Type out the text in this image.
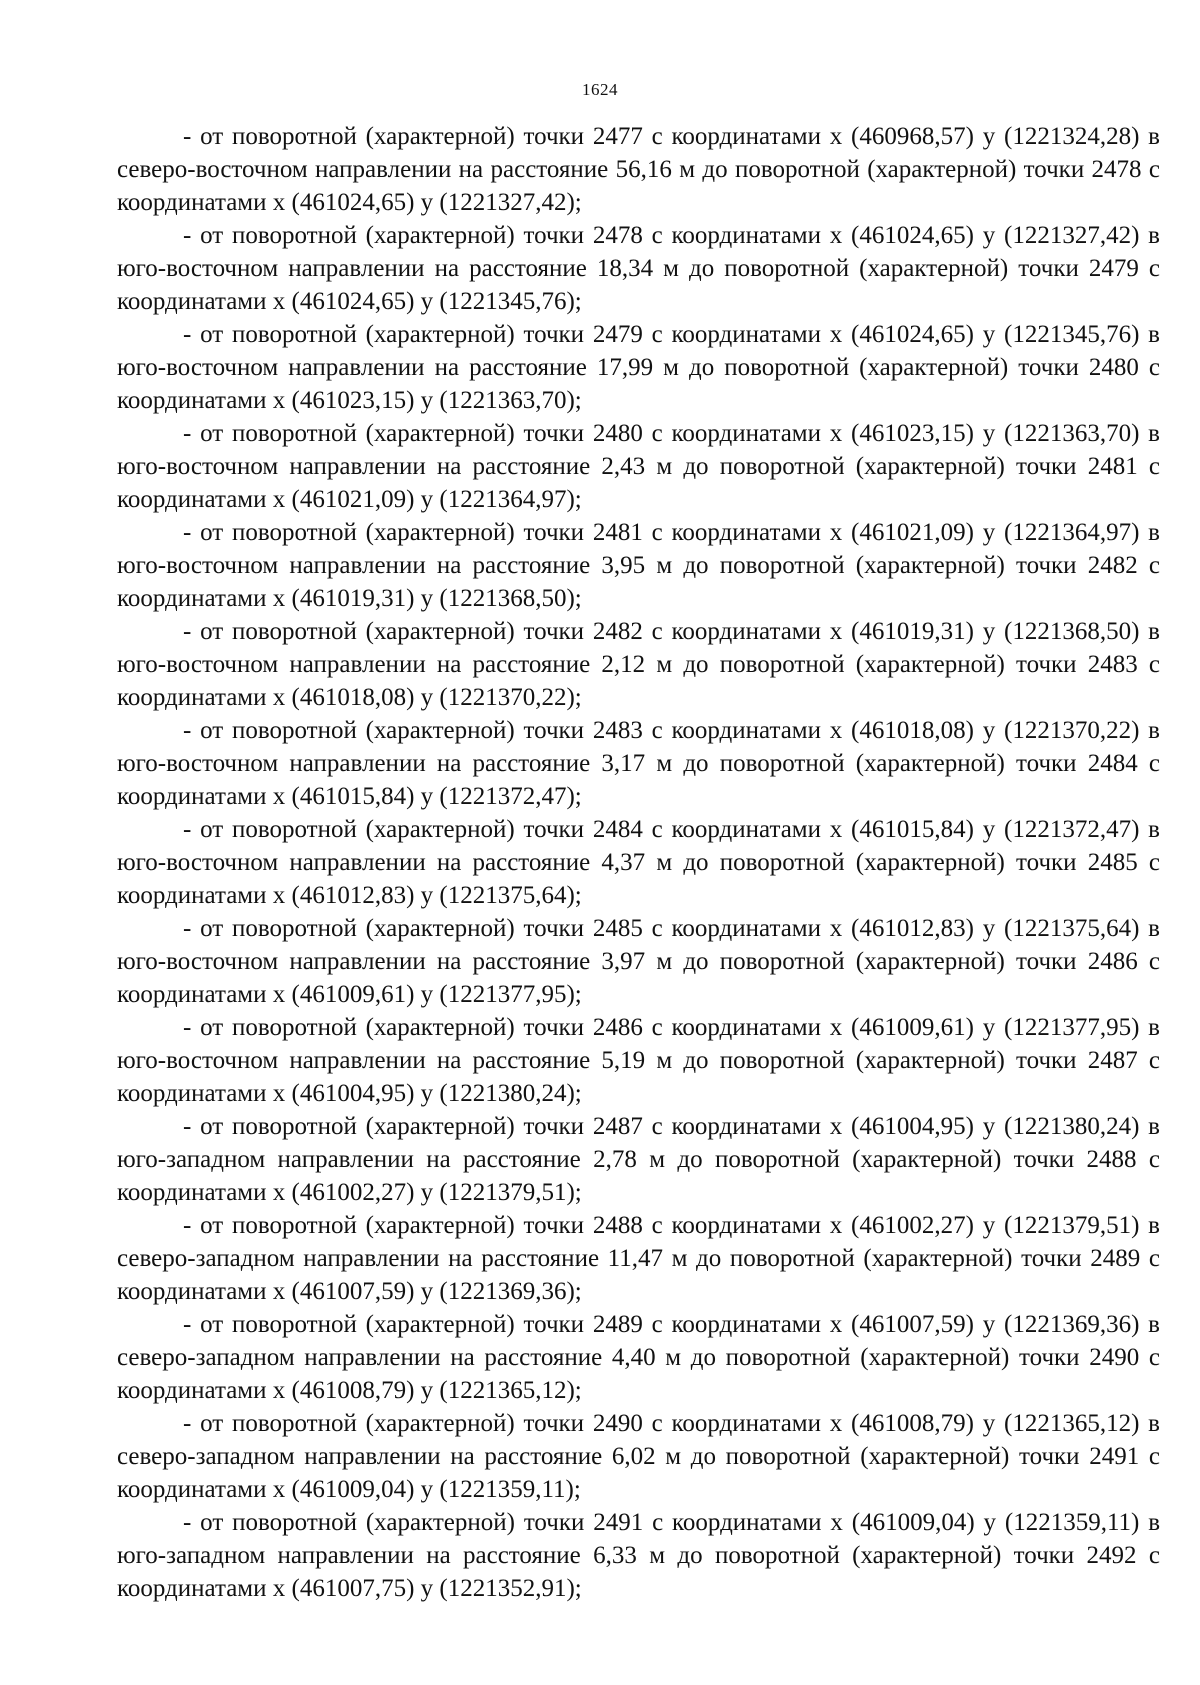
1624

- от поворотной (характерной) точки 2477 с координатами х (460968,57) у (1221324,28) в северо-восточном направлении на расстояние 56,16 м до поворотной (характерной) точки 2478 с координатами х (461024,65) у (1221327,42);

- от поворотной (характерной) точки 2478 с координатами х (461024,65) у (1221327,42) в юго-восточном направлении на расстояние 18,34 м до поворотной (характерной) точки 2479 с координатами х (461024,65) у (1221345,76);

- от поворотной (характерной) точки 2479 с координатами х (461024,65) у (1221345,76) в юго-восточном направлении на расстояние 17,99 м до поворотной (характерной) точки 2480 с координатами х (461023,15) у (1221363,70);

- от поворотной (характерной) точки 2480 с координатами х (461023,15) у (1221363,70) в юго-восточном направлении на расстояние 2,43 м до поворотной (характерной) точки 2481 с координатами х (461021,09) у (1221364,97);

- от поворотной (характерной) точки 2481 с координатами х (461021,09) у (1221364,97) в юго-восточном направлении на расстояние 3,95 м до поворотной (характерной) точки 2482 с координатами х (461019,31) у (1221368,50);

- от поворотной (характерной) точки 2482 с координатами х (461019,31) у (1221368,50) в юго-восточном направлении на расстояние 2,12 м до поворотной (характерной) точки 2483 с координатами х (461018,08) у (1221370,22);

- от поворотной (характерной) точки 2483 с координатами х (461018,08) у (1221370,22) в юго-восточном направлении на расстояние 3,17 м до поворотной (характерной) точки 2484 с координатами х (461015,84) у (1221372,47);

- от поворотной (характерной) точки 2484 с координатами х (461015,84) у (1221372,47) в юго-восточном направлении на расстояние 4,37 м до поворотной (характерной) точки 2485 с координатами х (461012,83) у (1221375,64);

- от поворотной (характерной) точки 2485 с координатами х (461012,83) у (1221375,64) в юго-восточном направлении на расстояние 3,97 м до поворотной (характерной) точки 2486 с координатами х (461009,61) у (1221377,95);

- от поворотной (характерной) точки 2486 с координатами х (461009,61) у (1221377,95) в юго-восточном направлении на расстояние 5,19 м до поворотной (характерной) точки 2487 с координатами х (461004,95) у (1221380,24);

- от поворотной (характерной) точки 2487 с координатами х (461004,95) у (1221380,24) в юго-западном направлении на расстояние 2,78 м до поворотной (характерной) точки 2488 с координатами х (461002,27) у (1221379,51);

- от поворотной (характерной) точки 2488 с координатами х (461002,27) у (1221379,51) в северо-западном направлении на расстояние 11,47 м до поворотной (характерной) точки 2489 с координатами х (461007,59) у (1221369,36);

- от поворотной (характерной) точки 2489 с координатами х (461007,59) у (1221369,36) в северо-западном направлении на расстояние 4,40 м до поворотной (характерной) точки 2490 с координатами х (461008,79) у (1221365,12);

- от поворотной (характерной) точки 2490 с координатами х (461008,79) у (1221365,12) в северо-западном направлении на расстояние 6,02 м до поворотной (характерной) точки 2491 с координатами х (461009,04) у (1221359,11);

- от поворотной (характерной) точки 2491 с координатами х (461009,04) у (1221359,11) в юго-западном направлении на расстояние 6,33 м до поворотной (характерной) точки 2492 с координатами х (461007,75) у (1221352,91);
